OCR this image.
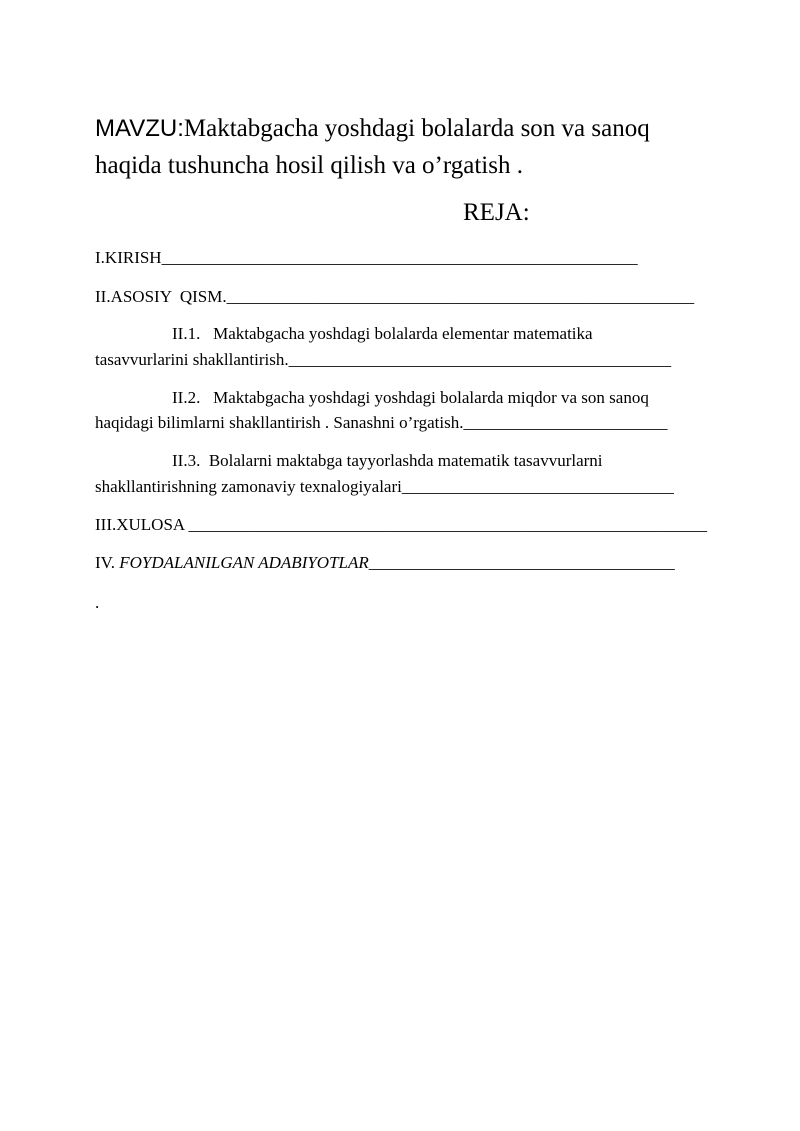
MAVZU:Maktabgacha yoshdagi bolalarda son va sanoq
haqida tushuncha hosil qilish va o’rgatish .
REJA:

I.KIRISH________________________________________________________

II.ASOSIY  QISM._______________________________________________________

II.1.   Maktabgacha yoshdagi bolalarda elementar matematika

tasavvurlarini shakllantirish._____________________________________________

II.2.   Maktabgacha yoshdagi yoshdagi bolalarda miqdor va son sanoq

haqidagi bilimlarni shakllantirish . Sanashni o’rgatish.________________________

II.3.  Bolalarni maktabga tayyorlashda matematik tasavvurlarni

shakllantirishning zamonaviy texnalogiyalari________________________________

III.XULOSA _____________________________________________________________

IV. FOYDALANILGAN ADABIYOTLAR____________________________________

.
